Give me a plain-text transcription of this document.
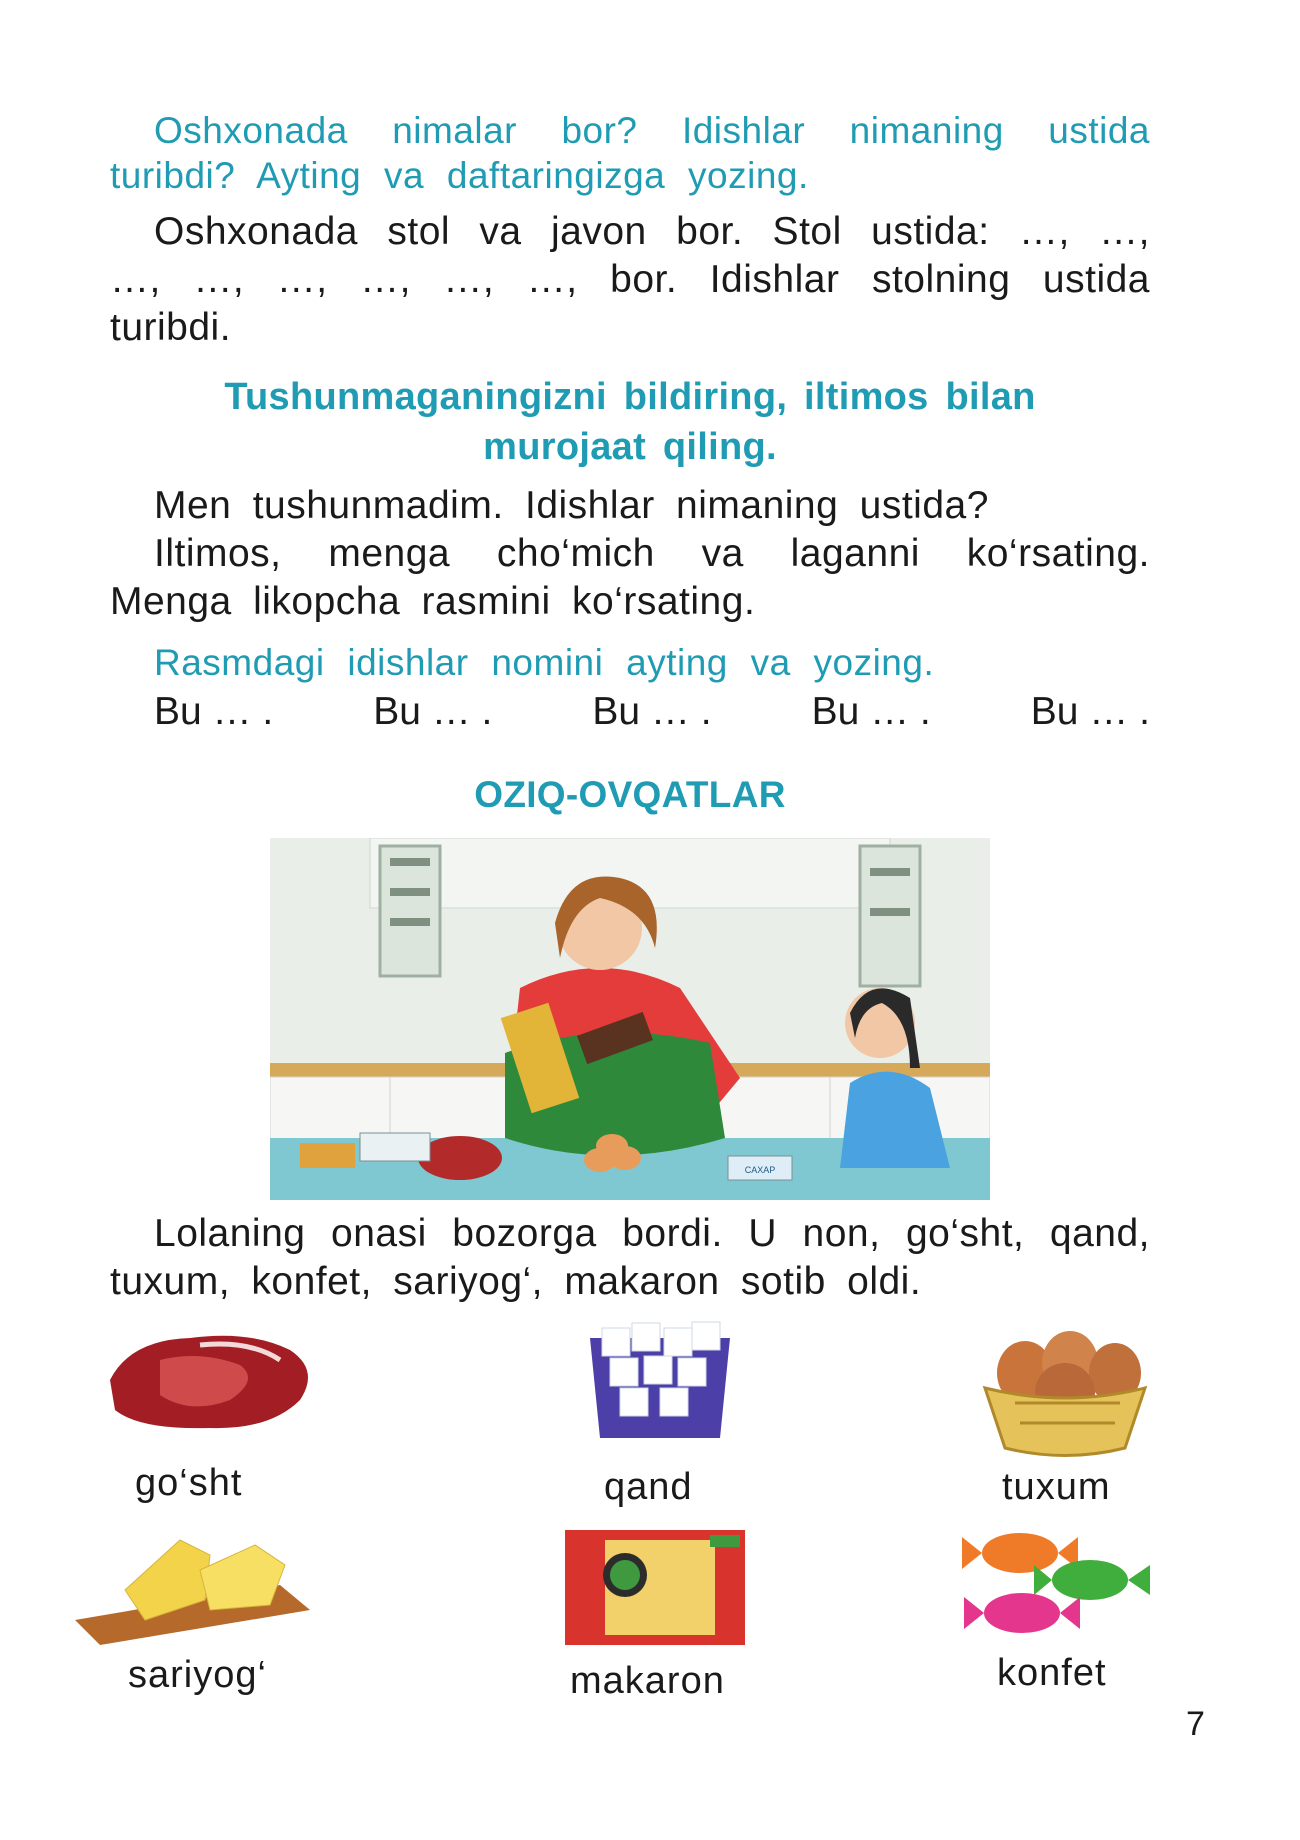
Oshxonada nimalar bor? Idishlar nimaning ustida turibdi? Ayting va daftaringizga yozing.

Oshxonada stol va javon bor. Stol ustida: …, …, …, …, …, …, …, …, bor. Idishlar stolning ustida turibdi.

Tushunmaganingizni bildiring, iltimos bilan

murojaat qiling.

Men tushunmadim. Idishlar nimaning ustida?

Iltimos, menga cho‘mich va laganni ko‘rsating. Menga likopcha rasmini ko‘rsating.

Rasmdagi idishlar nomini ayting va yozing.

Bu … .	Bu … .	Bu … .	Bu … .	Bu … .

OZIQ-OVQATLAR

CAXAP

Lolaning onasi bozorga bordi. U non, go‘sht, qand, tuxum, konfet, sariyog‘, makaron sotib oldi.

go‘sht	qand	tuxum
sariyog‘	makaron	konfet
7
